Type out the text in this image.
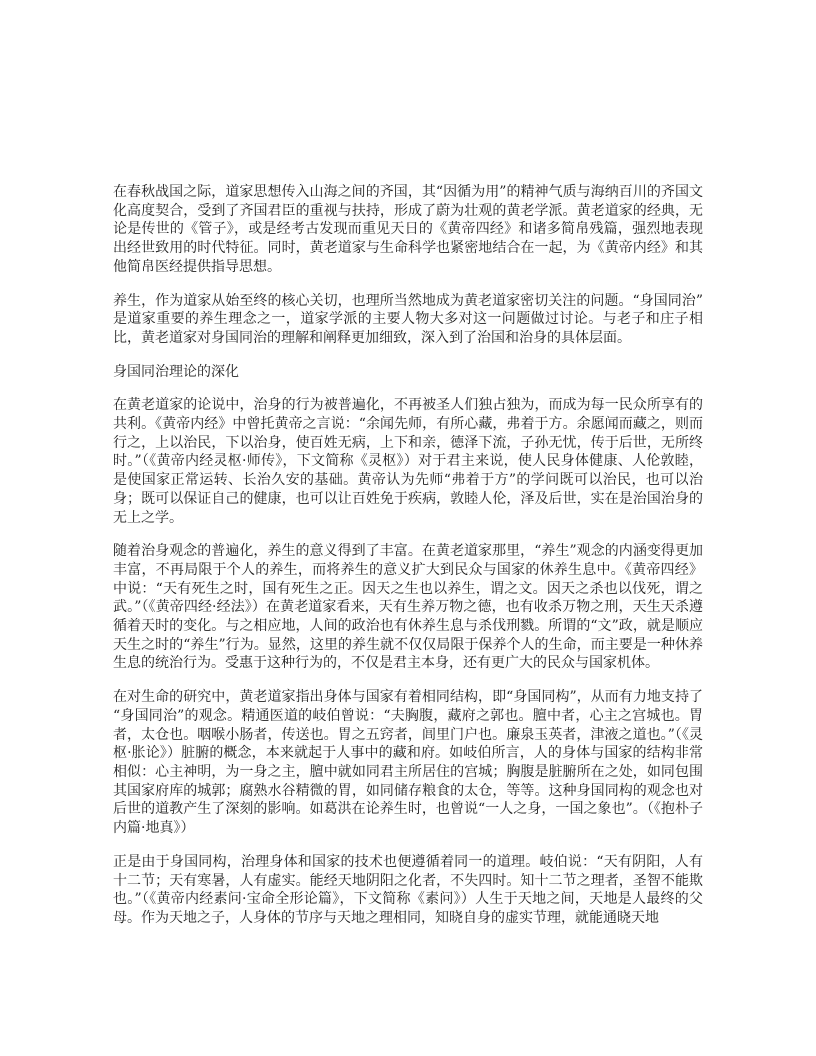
在春秋战国之际，道家思想传入山海之间的齐国，其“因循为用”的精神气质与海纳百川的齐国文化高度契合，受到了齐国君臣的重视与扶持，形成了蔚为壮观的黄老学派。黄老道家的经典，无论是传世的《管子》，或是经考古发现而重见天日的《黄帝四经》和诸多简帛残篇，强烈地表现出经世致用的时代特征。同时，黄老道家与生命科学也紧密地结合在一起，为《黄帝内经》和其他简帛医经提供指导思想。

养生，作为道家从始至终的核心关切，也理所当然地成为黄老道家密切关注的问题。“身国同治”是道家重要的养生理念之一，道家学派的主要人物大多对这一问题做过讨论。与老子和庄子相比，黄老道家对身国同治的理解和阐释更加细致，深入到了治国和治身的具体层面。

身国同治理论的深化

在黄老道家的论说中，治身的行为被普遍化，不再被圣人们独占独为，而成为每一民众所享有的共利。《黄帝内经》中曾托黄帝之言说：“余闻先师，有所心藏，弗着于方。余愿闻而藏之，则而行之，上以治民，下以治身，使百姓无病，上下和亲，德泽下流，子孙无忧，传于后世，无所终时。”（《黄帝内经灵枢·师传》，下文简称《灵枢》）对于君主来说，使人民身体健康、人伦敦睦，是使国家正常运转、长治久安的基础。黄帝认为先师“弗着于方”的学问既可以治民，也可以治身；既可以保证自己的健康，也可以让百姓免于疾病，敦睦人伦，泽及后世，实在是治国治身的无上之学。

随着治身观念的普遍化，养生的意义得到了丰富。在黄老道家那里，“养生”观念的内涵变得更加丰富，不再局限于个人的养生，而将养生的意义扩大到民众与国家的休养生息中。《黄帝四经》中说：“天有死生之时，国有死生之正。因天之生也以养生，谓之文。因天之杀也以伐死，谓之武。”（《黄帝四经·经法》）在黄老道家看来，天有生养万物之德，也有收杀万物之刑，天生天杀遵循着天时的变化。与之相应地，人间的政治也有休养生息与杀伐刑戮。所谓的“文”政，就是顺应天生之时的“养生”行为。显然，这里的养生就不仅仅局限于保养个人的生命，而主要是一种休养生息的统治行为。受惠于这种行为的，不仅是君主本身，还有更广大的民众与国家机体。

在对生命的研究中，黄老道家指出身体与国家有着相同结构，即“身国同构”，从而有力地支持了“身国同治”的观念。精通医道的岐伯曾说：“夫胸腹，藏府之郭也。膻中者，心主之宫城也。胃者，太仓也。咽喉小肠者，传送也。胃之五窍者，闾里门户也。廉泉玉英者，津液之道也。”（《灵枢·胀论》）脏腑的概念，本来就起于人事中的藏和府。如岐伯所言，人的身体与国家的结构非常相似：心主神明，为一身之主，膻中就如同君主所居住的宫城；胸腹是脏腑所在之处，如同包围其国家府库的城郭；腐熟水谷精微的胃，如同储存粮食的太仓，等等。这种身国同构的观念也对后世的道教产生了深刻的影响。如葛洪在论养生时，也曾说“一人之身，一国之象也”。（《抱朴子内篇·地真》）

正是由于身国同构，治理身体和国家的技术也便遵循着同一的道理。岐伯说：“天有阴阳，人有十二节；天有寒暑，人有虚实。能经天地阴阳之化者，不失四时。知十二节之理者，圣智不能欺也。”（《黄帝内经素问·宝命全形论篇》，下文简称《素问》）人生于天地之间，天地是人最终的父母。作为天地之子，人身体的节序与天地之理相同，知晓自身的虚实节理，就能通晓天地
